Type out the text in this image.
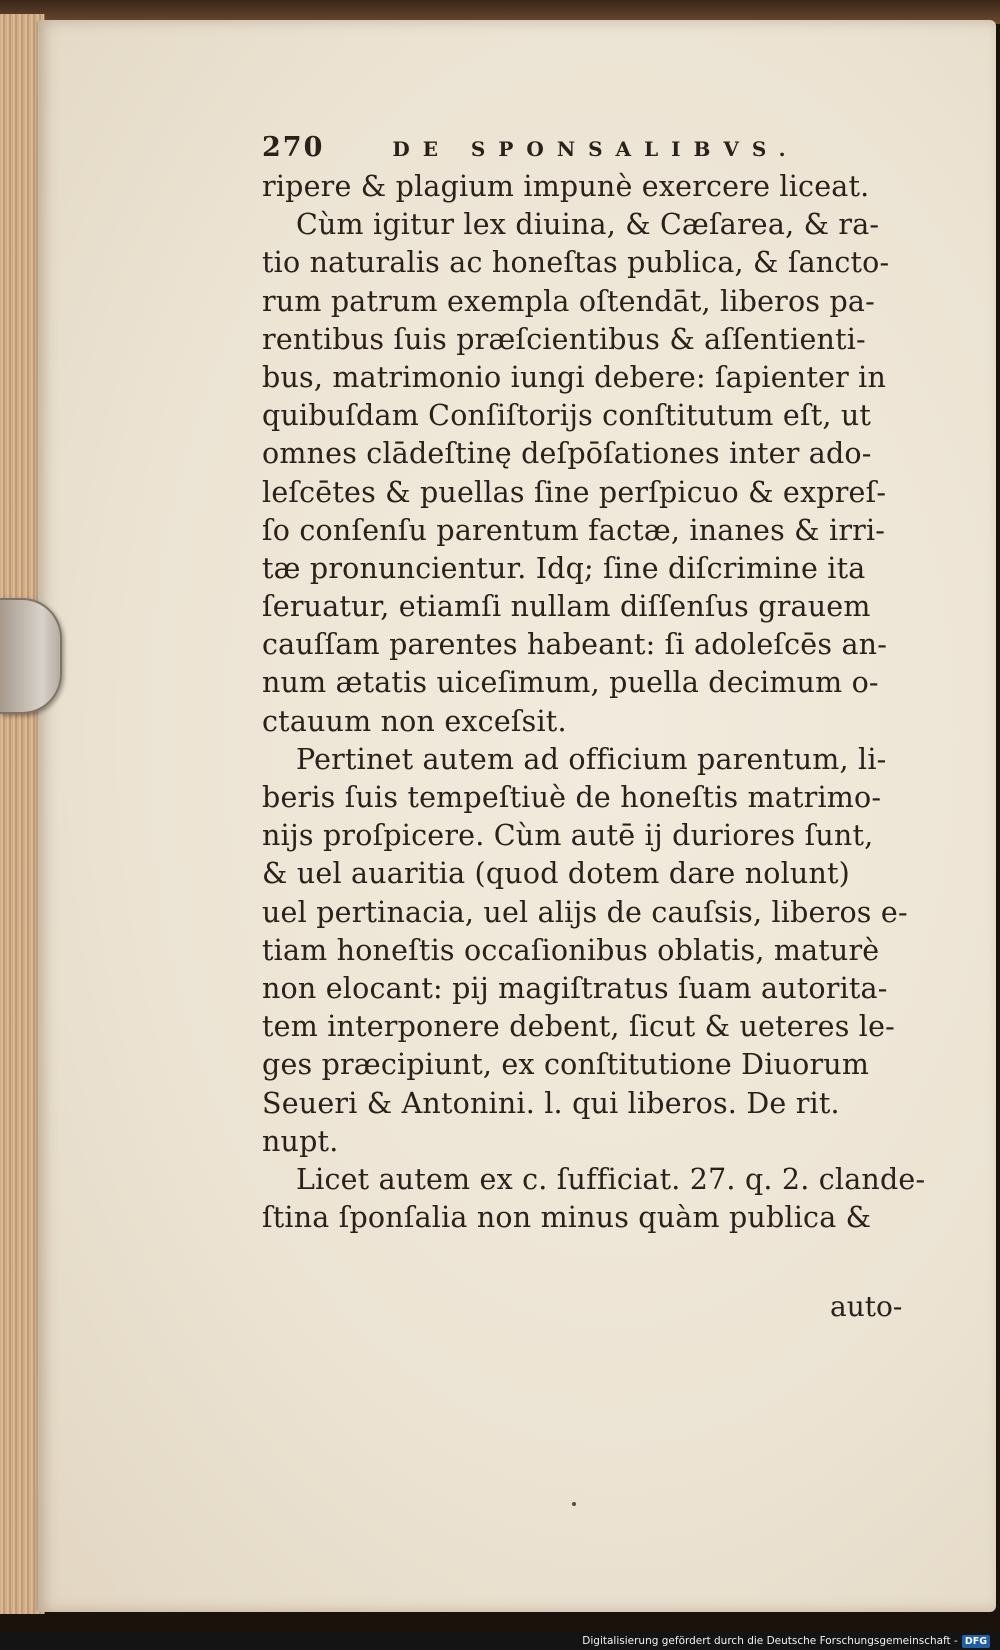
270	DE SPONSALIBVS.
ripere & plagium impunè exercere liceat.
Cùm igitur lex diuina, & Cæſarea, & ra-
tio naturalis ac honeſtas publica, & ſancto-
rum patrum exempla oſtendāt, liberos pa-
rentibus ſuis præſcientibus & aſſentienti-
bus, matrimonio iungi debere: ſapienter in
quibuſdam Conſiſtorijs conſtitutum eſt, ut
omnes clādeſtinę deſpōſationes inter ado-
leſcētes & puellas ſine perſpicuo & expreſ-
ſo conſenſu parentum factæ, inanes & irri-
tæ pronuncientur. Idq; ſine diſcrimine ita
ſeruatur, etiamſi nullam diſſenſus grauem
cauſſam parentes habeant: ſi adoleſcēs an-
num ætatis uiceſimum, puella decimum o-
ctauum non exceſsit.
Pertinet autem ad officium parentum, li-
beris ſuis tempeſtiuè de honeſtis matrimo-
nijs proſpicere. Cùm autē ij duriores ſunt,
& uel auaritia (quod dotem dare nolunt)
uel pertinacia, uel alijs de cauſsis, liberos e-
tiam honeſtis occaſionibus oblatis, maturè
non elocant: pij magiſtratus ſuam autorita-
tem interponere debent, ſicut & ueteres le-
ges præcipiunt, ex conſtitutione Diuorum
Seueri & Antonini. l. qui liberos. De rit.
nupt.
Licet autem ex c. ſufficiat. 27. q. 2. clande-
ſtina ſponſalia non minus quàm publica &
auto-
Digitalisierung gefördert durch die Deutsche Forschungsgemeinschaft - DFG
